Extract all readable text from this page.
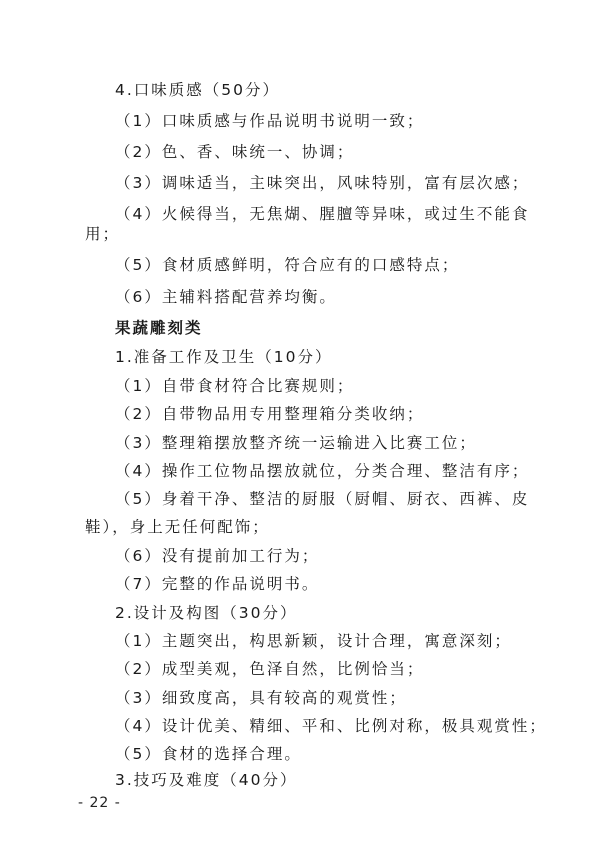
4.口味质感（50分）
（1）口味质感与作品说明书说明一致；
（2）色、香、味统一、协调；
（3）调味适当，主味突出，风味特别，富有层次感；
（4）火候得当，无焦煳、腥膻等异味，或过生不能食
用；
（5）食材质感鲜明，符合应有的口感特点；
（6）主辅料搭配营养均衡。
果蔬雕刻类
1.准备工作及卫生（10分）
（1）自带食材符合比赛规则；
（2）自带物品用专用整理箱分类收纳；
（3）整理箱摆放整齐统一运输进入比赛工位；
（4）操作工位物品摆放就位，分类合理、整洁有序；
（5）身着干净、整洁的厨服（厨帽、厨衣、西裤、皮
鞋），身上无任何配饰；
（6）没有提前加工行为；
（7）完整的作品说明书。
2.设计及构图（30分）
（1）主题突出，构思新颖，设计合理，寓意深刻；
（2）成型美观，色泽自然，比例恰当；
（3）细致度高，具有较高的观赏性；
（4）设计优美、精细、平和、比例对称，极具观赏性；
（5）食材的选择合理。
3.技巧及难度（40分）
- 22 -
